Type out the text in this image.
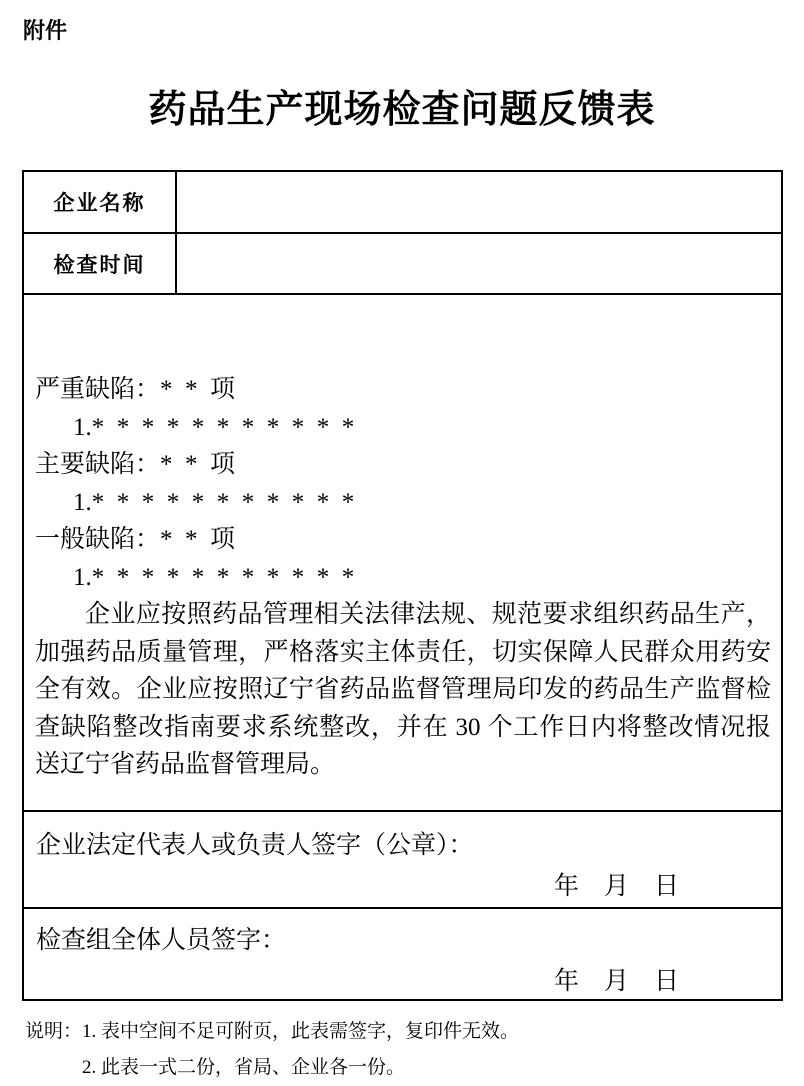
附件
药品生产现场检查问题反馈表
企业名称	
检查时间	

严重缺陷：*  *  项
1.*  *  *  *  *  *  *  *  *  *  *
主要缺陷：*  *  项
1.*  *  *  *  *  *  *  *  *  *  *
一般缺陷：*  *  项
1.*  *  *  *  *  *  *  *  *  *  *
企业应按照药品管理相关法律法规、规范要求组织药品生产，加强药品质量管理，严格落实主体责任，切实保障人民群众用药安全有效。企业应按照辽宁省药品监督管理局印发的药品生产监督检查缺陷整改指南要求系统整改，并在 30 个工作日内将整改情况报送辽宁省药品监督管理局。

企业法定代表人或负责人签字（公章）：
年　月　日	

检查组全体人员签字：
年　月　日	
说明： 1. 表中空间不足可附页，此表需签字，复印件无效。
2. 此表一式二份，省局、企业各一份。
